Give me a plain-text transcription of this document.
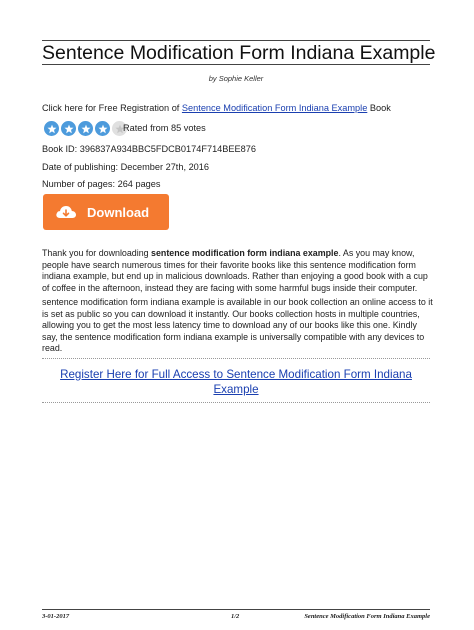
Sentence Modification Form Indiana Example
by Sophie Keller
Click here for Free Registration of Sentence Modification Form Indiana Example Book
Rated from 85 votes
Book ID: 396837A934BBC5FDCB0174F714BEE876
Date of publishing: December 27th, 2016
Number of pages: 264 pages
Download
Thank you for downloading sentence modification form indiana example. As you may know, people have search numerous times for their favorite books like this sentence modification form indiana example, but end up in malicious downloads. Rather than enjoying a good book with a cup of coffee in the afternoon, instead they are facing with some harmful bugs inside their computer.
sentence modification form indiana example is available in our book collection an online access to it is set as public so you can download it instantly. Our books collection hosts in multiple countries, allowing you to get the most less latency time to download any of our books like this one. Kindly say, the sentence modification form indiana example is universally compatible with any devices to read.
Register Here for Full Access to Sentence Modification Form Indiana Example
3-01-2017	1/2	Sentence Modification Form Indiana Example
